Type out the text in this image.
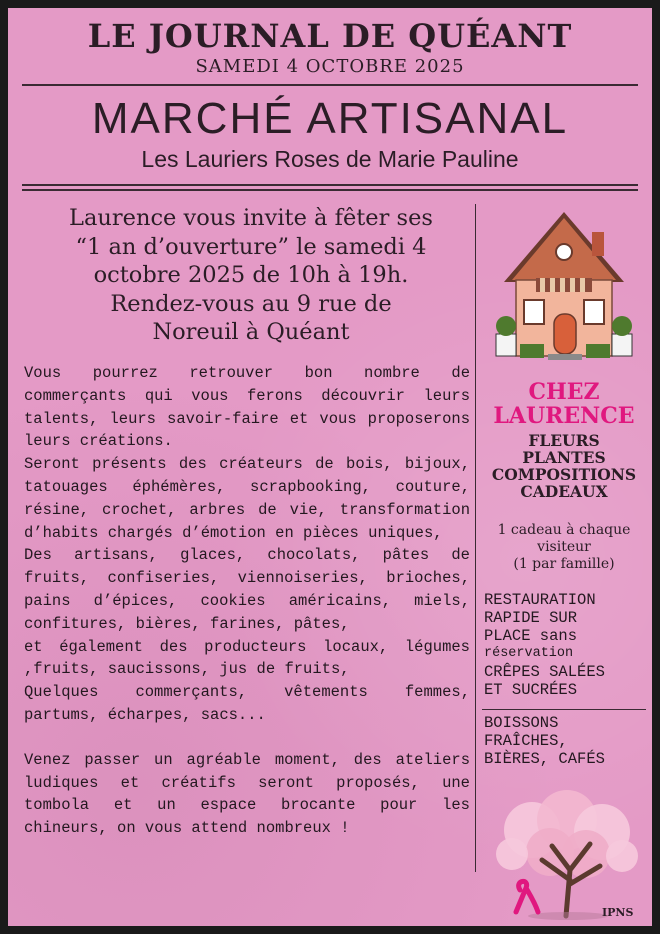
LE JOURNAL DE QUÉANT
SAMEDI 4 OCTOBRE 2025
MARCHÉ ARTISANAL
Les Lauriers Roses de Marie Pauline
Laurence vous invite à fêter ses
“1 an d’ouverture” le samedi 4
octobre 2025 de 10h à 19h.
Rendez-vous au 9 rue de
Noreuil à Quéant

Vous pourrez retrouver bon nombre de commerçants qui vous ferons découvrir leurs talents, leurs savoir-faire et vous proposerons leurs créations.

Seront présents des créateurs de bois, bijoux, tatouages éphémères, scrapbooking, couture, résine, crochet, arbres de vie, transformation d’habits chargés d’émotion en pièces uniques,

Des artisans, glaces, chocolats, pâtes de fruits, confiseries, viennoiseries, brioches, pains d’épices, cookies américains, miels, confitures, bières, farines, pâtes,

et également des producteurs locaux, légumes ,fruits, saucissons, jus de fruits,

Quelques commerçants, vêtements femmes, partums, écharpes, sacs...

Venez passer un agréable moment, des ateliers ludiques et créatifs seront proposés, une tombola et un espace brocante pour les chineurs, on vous attend nombreux !

CHEZ
LAURENCE
FLEURS
PLANTES
COMPOSITIONS
CADEAUX
1 cadeau à chaque
visiteur
(1 par famille)
RESTAURATION
RAPIDE SUR
PLACE sans
réservation
CRÊPES SALÉES
ET SUCRÉES
BOISSONS
FRAÎCHES,
BIÈRES, CAFÉS
IPNS
